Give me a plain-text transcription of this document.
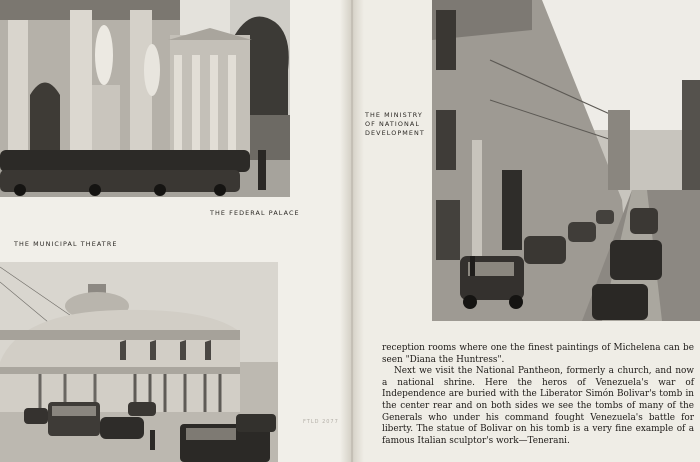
THE FEDERAL PALACE

THE MUNICIPAL THEATRE

THE MINISTRY
OF NATIONAL
DEVELOPMENT

reception rooms where one the finest paintings of Michelena can be seen "Diana the Huntress".

Next we visit the National Pantheon, formerly a church, and now a national shrine. Here the heros of Venezuela's war of Independence are buried with the Liberator Simón Bolivar's tomb in the center rear and on both sides we see the tombs of many of the Generals who under his command fought Venezuela's battle for liberty. The statue of Bolivar on his tomb is a very fine example of a famous Italian sculptor's work—Tenerani.

FTLD 2077
